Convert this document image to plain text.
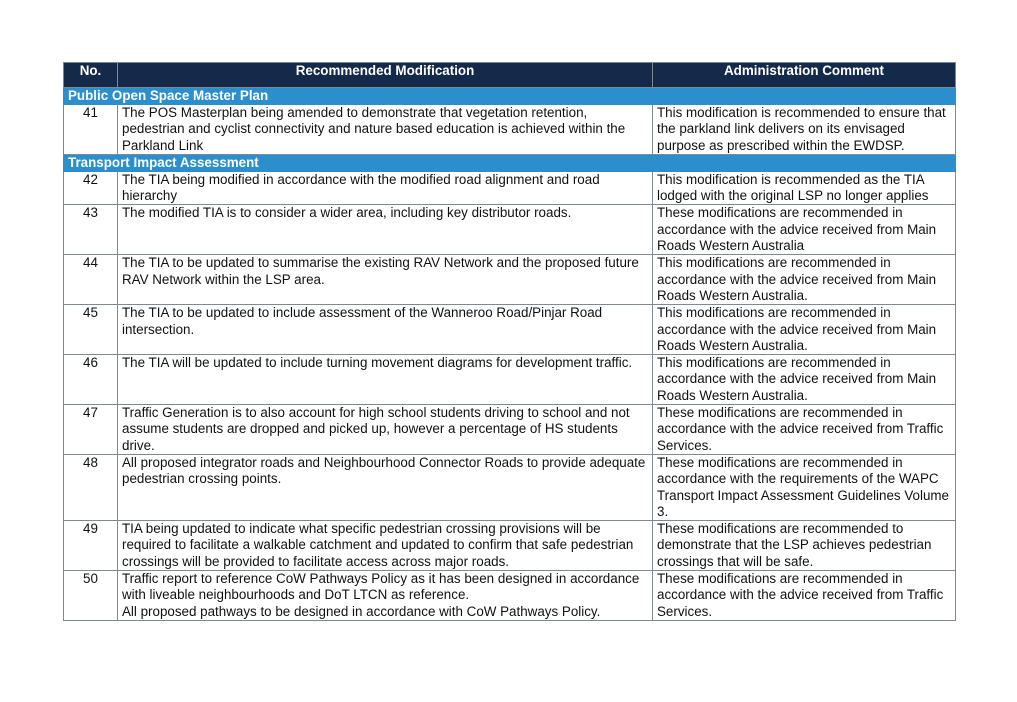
No.	Recommended Modification	Administration Comment
Public Open Space Master Plan		
41	The POS Masterplan being amended to demonstrate that vegetation retention, pedestrian and cyclist connectivity and nature based education is achieved within the Parkland Link	This modification is recommended to ensure that the parkland link delivers on its envisaged purpose as prescribed within the EWDSP.
Transport Impact Assessment		
42	The TIA being modified in accordance with the modified road alignment and road hierarchy	This modification is recommended as the TIA lodged with the original LSP no longer applies
43	The modified TIA is to consider a wider area, including key distributor roads.	These modifications are recommended in accordance with the advice received from Main Roads Western Australia
44	The TIA to be updated to summarise the existing RAV Network and the proposed future RAV Network within the LSP area.	This modifications are recommended in accordance with the advice received from Main Roads Western Australia.
45	The TIA to be updated to include assessment of the Wanneroo Road/Pinjar Road intersection.	This modifications are recommended in accordance with the advice received from Main Roads Western Australia.
46	The TIA will be updated to include turning movement diagrams for development traffic.	This modifications are recommended in accordance with the advice received from Main Roads Western Australia.
47	Traffic Generation is to also account for high school students driving to school and not assume students are dropped and picked up, however a percentage of HS students drive.	These modifications are recommended in accordance with the advice received from Traffic Services.
48	All proposed integrator roads and Neighbourhood Connector Roads to provide adequate pedestrian crossing points.	These modifications are recommended in accordance with the requirements of the WAPC Transport Impact Assessment Guidelines Volume 3.
49	TIA being updated to indicate what specific pedestrian crossing provisions will be required to facilitate a walkable catchment and updated to confirm that safe pedestrian crossings will be provided to facilitate access across major roads.	These modifications are recommended to demonstrate that the LSP achieves pedestrian crossings that will be safe.
50	Traffic report to reference CoW Pathways Policy as it has been designed in accordance with liveable neighbourhoods and DoT LTCN as reference.
All proposed pathways to be designed in accordance with CoW Pathways Policy.	These modifications are recommended in accordance with the advice received from Traffic Services.
